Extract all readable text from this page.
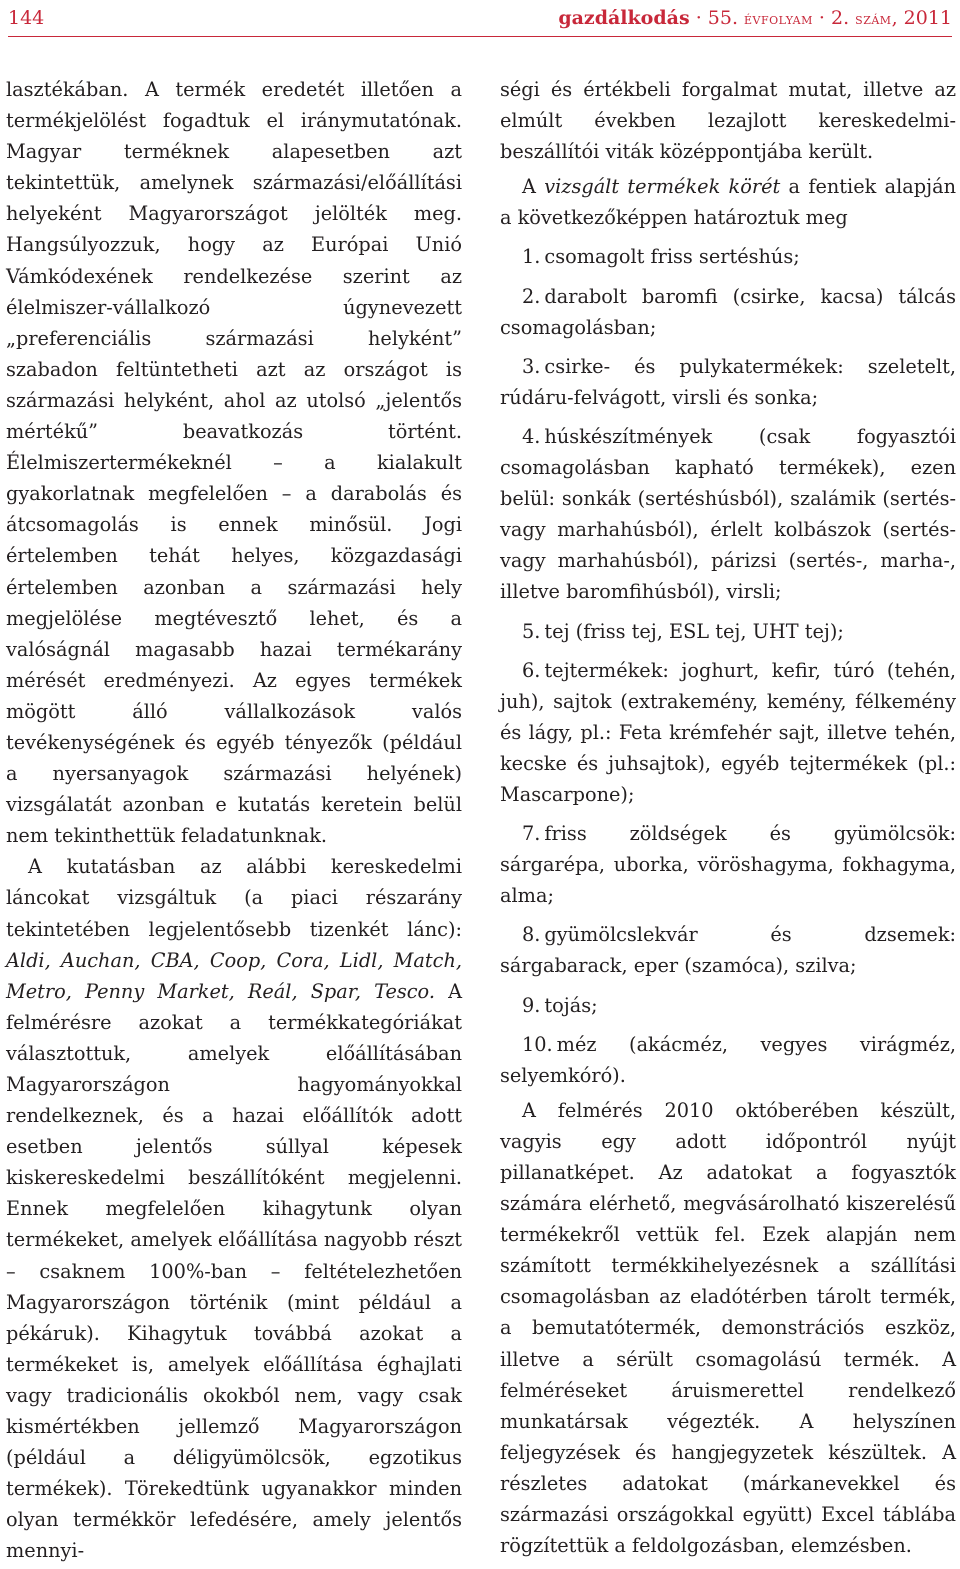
144	gazdálkodás · 55. évfolyam · 2. szám, 2011

lasztékában. A termék eredetét illetően a termékjelölést fogadtuk el iránymutatónak. Magyar terméknek alapesetben azt tekintettük, amelynek származási/előállítási helyeként Magyarországot jelölték meg. Hangsúlyozzuk, hogy az Európai Unió Vámkódexének rendelkezése szerint az élelmiszer-vállalkozó úgynevezett „preferenciális származási helyként” szabadon feltüntetheti azt az országot is származási helyként, ahol az utolsó „jelentős mértékű” beavatkozás történt. Élelmiszertermékeknél – a kialakult gyakorlatnak megfelelően – a darabolás és átcsomagolás is ennek minősül. Jogi értelemben tehát helyes, közgazdasági értelemben azonban a származási hely megjelölése megtévesztő lehet, és a valóságnál magasabb hazai termékarány mérését eredményezi. Az egyes termékek mögött álló vállalkozások valós tevékenységének és egyéb tényezők (például a nyersanyagok származási helyének) vizsgálatát azonban e kutatás keretein belül nem tekinthettük feladatunknak.

A kutatásban az alábbi kereskedelmi láncokat vizsgáltuk (a piaci részarány tekintetében legjelentősebb tizenkét lánc): Aldi, Auchan, CBA, Coop, Cora, Lidl, Match, Metro, Penny Market, Reál, Spar, Tesco. A felmérésre azokat a termékkategóriákat választottuk, amelyek előállításában Magyarországon hagyományokkal rendelkeznek, és a hazai előállítók adott esetben jelentős súllyal képesek kiskereskedelmi beszállítóként megjelenni. Ennek megfelelően kihagytunk olyan termékeket, amelyek előállítása nagyobb részt – csaknem 100%-ban – feltételezhetően Magyarországon történik (mint például a pékáruk). Kihagytuk továbbá azokat a termékeket is, amelyek előállítása éghajlati vagy tradicionális okokból nem, vagy csak kismértékben jellemző Magyarországon (például a déligyümölcsök, egzotikus termékek). Törekedtünk ugyanakkor minden olyan termékkör lefedésére, amely jelentős mennyi-

ségi és értékbeli forgalmat mutat, illetve az elmúlt években lezajlott kereskedelmi-beszállítói viták középpontjába került.

A vizsgált termékek körét a fentiek alapján a következőképpen határoztuk meg

1. csomagolt friss sertéshús;

2. darabolt baromfi (csirke, kacsa) tálcás csomagolásban;

3. csirke- és pulykatermékek: szeletelt, rúdáru-felvágott, virsli és sonka;

4. húskészítmények (csak fogyasztói csomagolásban kapható termékek), ezen belül: sonkák (sertéshúsból), szalámik (sertés- vagy marhahúsból), érlelt kolbászok (sertés- vagy marhahúsból), párizsi (sertés-, marha-, illetve baromfihúsból), virsli;

5. tej (friss tej, ESL tej, UHT tej);

6. tejtermékek: joghurt, kefir, túró (tehén, juh), sajtok (extrakemény, kemény, félkemény és lágy, pl.: Feta krémfehér sajt, illetve tehén, kecske és juhsajtok), egyéb tejtermékek (pl.: Mascarpone);

7. friss zöldségek és gyümölcsök: sárgarépa, uborka, vöröshagyma, fokhagyma, alma;

8. gyümölcslekvár és dzsemek: sárgabarack, eper (szamóca), szilva;

9. tojás;

10. méz (akácméz, vegyes virágméz, selyemkóró).

A felmérés 2010 októberében készült, vagyis egy adott időpontról nyújt pillanatképet. Az adatokat a fogyasztók számára elérhető, megvásárolható kiszerelésű termékekről vettük fel. Ezek alapján nem számított termékkihelyezésnek a szállítási csomagolásban az eladótérben tárolt termék, a bemutatótermék, demonstrációs eszköz, illetve a sérült csomagolású termék. A felméréseket áruismerettel rendelkező munkatársak végezték. A helyszínen feljegyzések és hangjegyzetek készültek. A részletes adatokat (márkanevekkel és származási országokkal együtt) Excel táblába rögzítettük a feldolgozásban, elemzésben.
